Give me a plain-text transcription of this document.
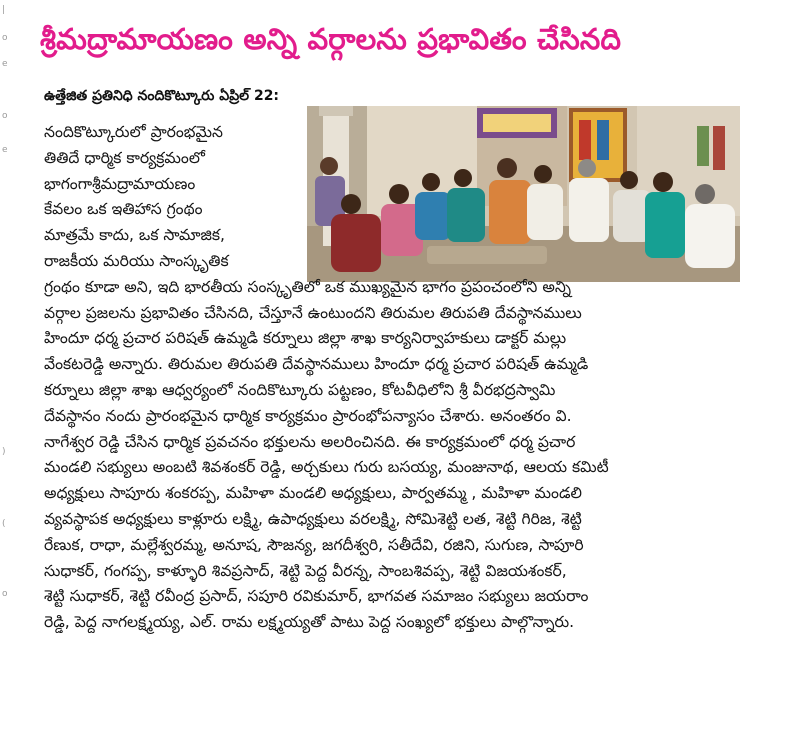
|
o
e
o
e
)
(
o
శ్రీమద్రామాయణం అన్ని వర్గాలను ప్రభావితం చేసినది
ఉత్తేజిత ప్రతినిధి నందికొట్కూరు ఏప్రిల్ 22:
నందికొట్కూరులో ప్రారంభమైన
తితిదే ధార్మిక కార్యక్రమంలో
భాగంగాశ్రీమద్రామాయణం
కేవలం ఒక ఇతిహాస గ్రంథం
మాత్రమే కాదు, ఒక సామాజిక,
రాజకీయ మరియు సాంస్కృతిక
గ్రంథం కూడా అని, ఇది భారతీయ సంస్కృతిలో ఒక ముఖ్యమైన భాగం ప్రపంచంలోని అన్ని
వర్గాల ప్రజలను ప్రభావితం చేసినది, చేస్తూనే ఉంటుందని తిరుమల తిరుపతి దేవస్థానములు
హిందూ ధర్మ ప్రచార పరిషత్ ఉమ్మడి కర్నూలు జిల్లా శాఖ కార్యనిర్వాహకులు డాక్టర్ మల్లు
వేంకటరెడ్డి అన్నారు. తిరుమల తిరుపతి దేవస్థానములు హిందూ ధర్మ ప్రచార పరిషత్ ఉమ్మడి
కర్నూలు జిల్లా శాఖ ఆధ్వర్యంలో నందికొట్కూరు పట్టణం, కోటవీధిలోని శ్రీ వీరభద్రస్వామి
దేవస్థానం నందు ప్రారంభమైన ధార్మిక కార్యక్రమం ప్రారంభోపన్యాసం చేశారు. అనంతరం వి.
నాగేశ్వర రెడ్డి చేసిన ధార్మిక ప్రవచనం భక్తులను అలరించినది. ఈ కార్యక్రమంలో ధర్మ ప్రచార
మండలి సభ్యులు అంబటి శివశంకర్ రెడ్డి, అర్చకులు గురు బసయ్య, మంజునాథ, ఆలయ కమిటీ
అధ్యక్షులు సాపూరు శంకరప్ప, మహిళా మండలి అధ్యక్షులు, పార్వతమ్మ , మహిళా మండలి
వ్యవస్థాపక అధ్యక్షులు కాళ్లూరు లక్ష్మి, ఉపాధ్యక్షులు వరలక్ష్మి, సోమిశెట్టి లత, శెట్టి గిరిజ, శెట్టి
రేణుక, రాధా, మల్లేశ్వరమ్మ, అనూష, సౌజన్య, జగదీశ్వరి, సతీదేవి, రజిని, సుగుణ, సాపూరి
సుధాకర్, గంగప్ప, కాళ్ళూరి శివప్రసాద్, శెట్టి పెద్ద వీరన్న, సాంబశివప్ప, శెట్టి విజయశంకర్,
శెట్టి సుధాకర్, శెట్టి రవీంద్ర ప్రసాద్, సపూరి రవికుమార్, భాగవత సమాజం సభ్యులు జయరాం
రెడ్డి, పెద్ద నాగలక్ష్మయ్య, ఎల్. రామ లక్ష్మయ్యతో పాటు పెద్ద సంఖ్యలో భక్తులు పాల్గొన్నారు.
